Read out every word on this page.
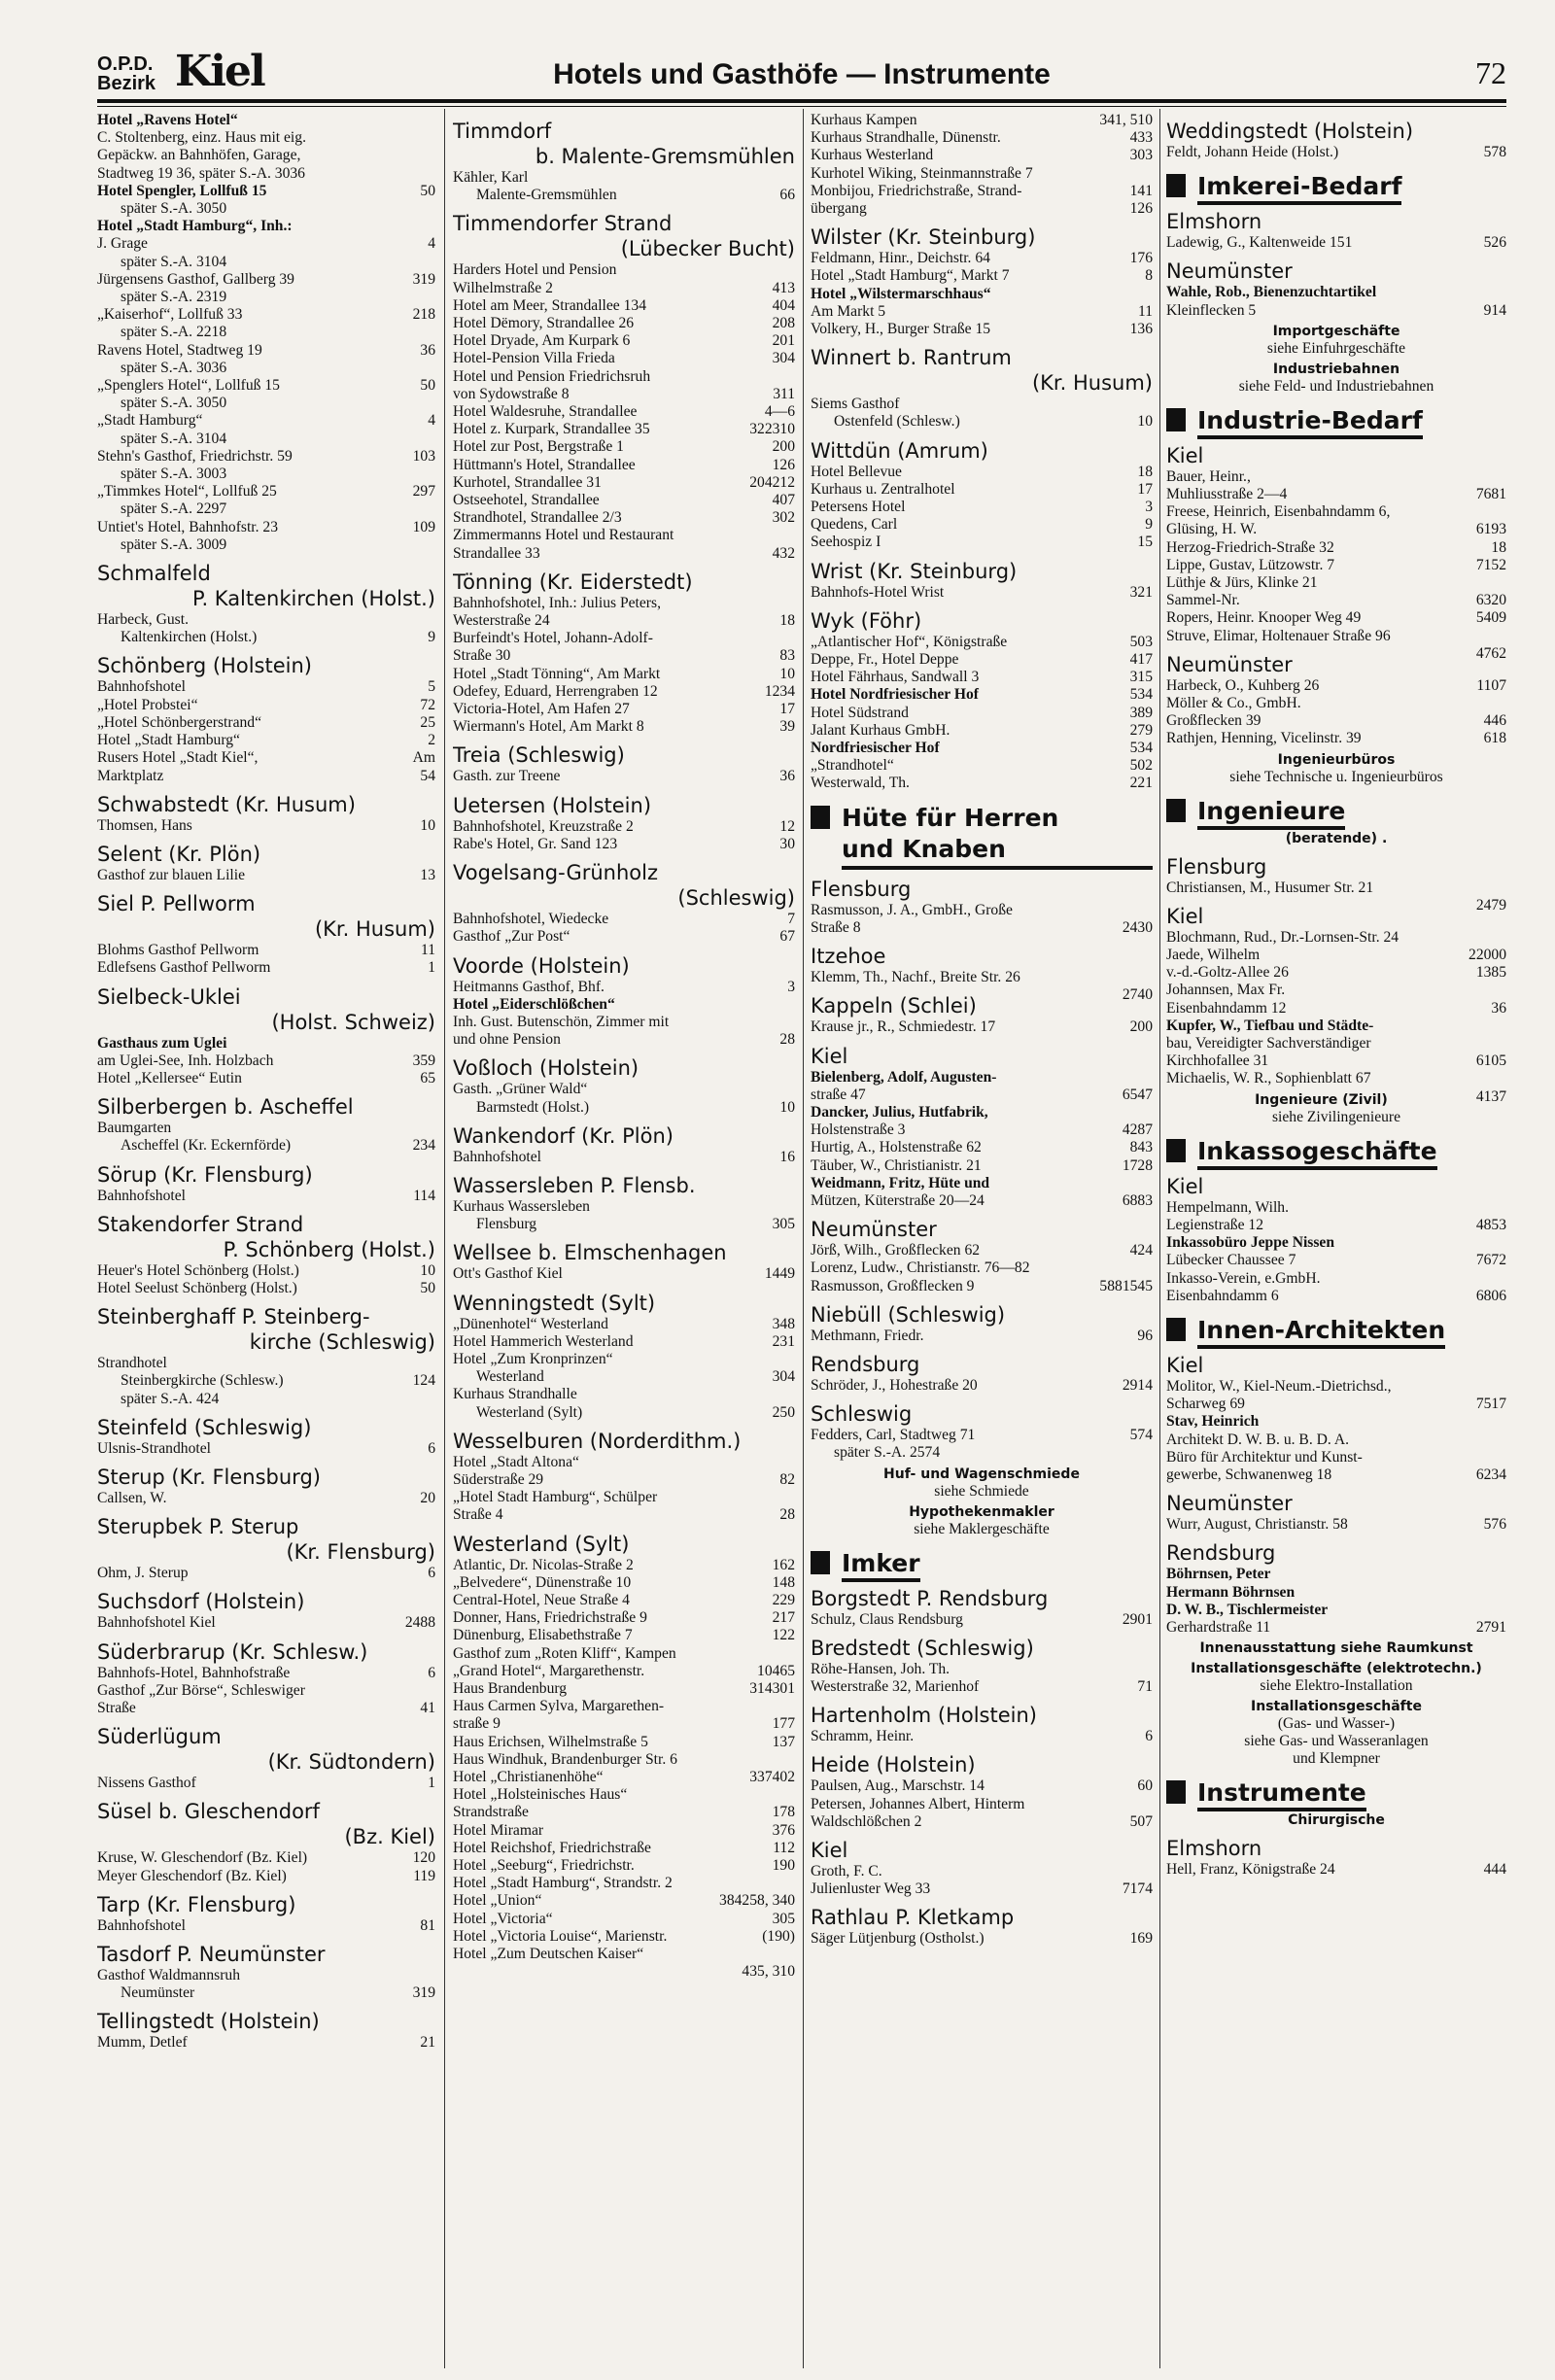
O.P.D.
Bezirk Kiel	Hotels und Gasthöfe — Instrumente	72
Hotel „Ravens Hotel“
C. Stoltenberg, einz. Haus mit eig.
Gepäckw. an Bahnhöfen, Garage,
Stadtweg 19 36, später S.-A. 3036
50
Hotel Spengler, Lollfuß 15
später S.-A. 3050
Hotel „Stadt Hamburg“, Inh.:
4
J. Grage
später S.-A. 3104
319
Jürgensens Gasthof, Gallberg 39
später S.-A. 2319
218
„Kaiserhof“, Lollfuß 33
später S.-A. 2218
36
Ravens Hotel, Stadtweg 19
später S.-A. 3036
50
„Spenglers Hotel“, Lollfuß 15
später S.-A. 3050
4
„Stadt Hamburg“
später S.-A. 3104
103
Stehn's Gasthof, Friedrichstr. 59
später S.-A. 3003
297
„Timmkes Hotel“, Lollfuß 25
später S.-A. 2297
109
Untiet's Hotel, Bahnhofstr. 23
später S.-A. 3009
Schmalfeld
P. Kaltenkirchen (Holst.)
Harbeck, Gust.
9
Kaltenkirchen (Holst.)
Schönberg (Holstein)
5
Bahnhofshotel
72
„Hotel Probstei“
25
„Hotel Schönbergerstrand“
2
Hotel „Stadt Hamburg“
Am
Rusers Hotel „Stadt Kiel“,
54
Marktplatz
Schwabstedt (Kr. Husum)
10
Thomsen, Hans
Selent (Kr. Plön)
13
Gasthof zur blauen Lilie
Siel P. Pellworm
(Kr. Husum)
11
Blohms Gasthof Pellworm
1
Edlefsens Gasthof Pellworm
Sielbeck-Uklei
(Holst. Schweiz)
Gasthaus zum Uglei
359
am Uglei-See, Inh. Holzbach
65
Hotel „Kellersee“ Eutin
Silberbergen b. Ascheffel
Baumgarten
234
Ascheffel (Kr. Eckernförde)
Sörup (Kr. Flensburg)
114
Bahnhofshotel
Stakendorfer Strand
P. Schönberg (Holst.)
10
Heuer's Hotel Schönberg (Holst.)
50
Hotel Seelust Schönberg (Holst.)
Steinberghaff P. Steinberg-
kirche (Schleswig)
Strandhotel
124
Steinbergkirche (Schlesw.)
später S.-A. 424
Steinfeld (Schleswig)
6
Ulsnis-Strandhotel
Sterup (Kr. Flensburg)
20
Callsen, W.
Sterupbek P. Sterup
(Kr. Flensburg)
6
Ohm, J. Sterup
Suchsdorf (Holstein)
2488
Bahnhofshotel Kiel
Süderbrarup (Kr. Schlesw.)
6
Bahnhofs-Hotel, Bahnhofstraße
Gasthof „Zur Börse“, Schleswiger
41
Straße
Süderlügum
(Kr. Südtondern)
1
Nissens Gasthof
Süsel b. Gleschendorf
(Bz. Kiel)
120
Kruse, W. Gleschendorf (Bz. Kiel)
119
Meyer Gleschendorf (Bz. Kiel)
Tarp (Kr. Flensburg)
81
Bahnhofshotel
Tasdorf P. Neumünster
Gasthof Waldmannsruh
319
Neumünster
Tellingstedt (Holstein)
21
Mumm, Detlef
Timmdorf
b. Malente-Gremsmühlen
Kähler, Karl
66
Malente-Gremsmühlen
Timmendorfer Strand
(Lübecker Bucht)
Harders Hotel und Pension
413
Wilhelmstraße 2
404
Hotel am Meer, Strandallee 134
208
Hotel Dëmory, Strandallee 26
201
Hotel Dryade, Am Kurpark 6
304
Hotel-Pension Villa Frieda
Hotel und Pension Friedrichsruh
311
von Sydowstraße 8
4—6
Hotel Waldesruhe, Strandallee
310
322
Hotel z. Kurpark, Strandallee 35
200
Hotel zur Post, Bergstraße 1
126
Hüttmann's Hotel, Strandallee
212
204
Kurhotel, Strandallee 31
407
Ostseehotel, Strandallee
302
Strandhotel, Strandallee 2/3
Zimmermanns Hotel und Restaurant
432
Strandallee 33
Tönning (Kr. Eiderstedt)
Bahnhofshotel, Inh.: Julius Peters,
18
Westerstraße 24
Burfeindt's Hotel, Johann-Adolf-
83
Straße 30
10
Hotel „Stadt Tönning“, Am Markt
34
12
Odefey, Eduard, Herrengraben 12
17
Victoria-Hotel, Am Hafen 27
39
Wiermann's Hotel, Am Markt 8
Treia (Schleswig)
36
Gasth. zur Treene
Uetersen (Holstein)
12
Bahnhofshotel, Kreuzstraße 2
30
Rabe's Hotel, Gr. Sand 123
Vogelsang-Grünholz
(Schleswig)
7
Bahnhofshotel, Wiedecke
67
Gasthof „Zur Post“
Voorde (Holstein)
3
Heitmanns Gasthof, Bhf.
Hotel „Eiderschlößchen“
Inh. Gust. Butenschön, Zimmer mit
28
und ohne Pension
Voßloch (Holstein)
Gasth. „Grüner Wald“
10
Barmstedt (Holst.)
Wankendorf (Kr. Plön)
16
Bahnhofshotel
Wassersleben P. Flensb.
Kurhaus Wassersleben
305
Flensburg
Wellsee b. Elmschenhagen
1449
Ott's Gasthof Kiel
Wenningstedt (Sylt)
348
„Dünenhotel“ Westerland
231
Hotel Hammerich Westerland
Hotel „Zum Kronprinzen“
304
Westerland
Kurhaus Strandhalle
250
Westerland (Sylt)
Wesselburen (Norderdithm.)
Hotel „Stadt Altona“
82
Süderstraße 29
„Hotel Stadt Hamburg“, Schülper
28
Straße 4
Westerland (Sylt)
162
Atlantic, Dr. Nicolas-Straße 2
148
„Belvedere“, Dünenstraße 10
229
Central-Hotel, Neue Straße 4
217
Donner, Hans, Friedrichstraße 9
122
Dünenburg, Elisabethstraße 7
Gasthof zum „Roten Kliff“, Kampen
465
10
„Grand Hotel“, Margarethenstr.
301
314
Haus Brandenburg
Haus Carmen Sylva, Margarethen-
177
straße 9
137
Haus Erichsen, Wilhelmstraße 5
Haus Windhuk, Brandenburger Str. 6
402
337
Hotel „Christianenhöhe“
Hotel „Holsteinisches Haus“
178
Strandstraße
376
Hotel Miramar
112
Hotel Reichshof, Friedrichstraße
190
Hotel „Seeburg“, Friedrichstr.
Hotel „Stadt Hamburg“, Strandstr. 2
258, 340
384
Hotel „Union“
305
Hotel „Victoria“
(190)
Hotel „Victoria Louise“, Marienstr.
Hotel „Zum Deutschen Kaiser“
435, 310
341, 510
Kurhaus Kampen
433
Kurhaus Strandhalle, Dünenstr.
303
Kurhaus Westerland
Kurhotel Wiking, Steinmannstraße 7
141
Monbijou, Friedrichstraße, Strand-
126
übergang
Wilster (Kr. Steinburg)
176
Feldmann, Hinr., Deichstr. 64
8
Hotel „Stadt Hamburg“, Markt 7
Hotel „Wilstermarschhaus“
11
Am Markt 5
136
Volkery, H., Burger Straße 15
Winnert b. Rantrum
(Kr. Husum)
Siems Gasthof
10
Ostenfeld (Schlesw.)
Wittdün (Amrum)
18
Hotel Bellevue
17
Kurhaus u. Zentralhotel
3
Petersens Hotel
9
Quedens, Carl
15
Seehospiz I
Wrist (Kr. Steinburg)
321
Bahnhofs-Hotel Wrist
Wyk (Föhr)
503
„Atlantischer Hof“, Königstraße
417
Deppe, Fr., Hotel Deppe
315
Hotel Fährhaus, Sandwall 3
534
Hotel Nordfriesischer Hof
389
Hotel Südstrand
279
Jalant Kurhaus GmbH.
534
Nordfriesischer Hof
502
„Strandhotel“
221
Westerwald, Th.
Hüte für Herren
und Knaben
Flensburg
Rasmusson, J. A., GmbH., Große
2430
Straße 8
Itzehoe
Klemm, Th., Nachf., Breite Str. 26
2740
Kappeln (Schlei)
200
Krause jr., R., Schmiedestr. 17
Kiel
Bielenberg, Adolf, Augusten-
6547
straße 47
Dancker, Julius, Hutfabrik,
4287
Holstenstraße 3
843
Hurtig, A., Holstenstraße 62
1728
Täuber, W., Christianistr. 21
Weidmann, Fritz, Hüte und
6883
Mützen, Küterstraße 20—24
Neumünster
424
Jörß, Wilh., Großflecken 62
Lorenz, Ludw., Christianstr. 76—82
1545
588
Rasmusson, Großflecken 9
Niebüll (Schleswig)
96
Methmann, Friedr.
Rendsburg
2914
Schröder, J., Hohestraße 20
Schleswig
574
Fedders, Carl, Stadtweg 71
später S.-A. 2574
Huf- und Wagenschmiede
siehe Schmiede
Hypothekenmakler
siehe Maklergeschäfte
Imker
Borgstedt P. Rendsburg
2901
Schulz, Claus Rendsburg
Bredstedt (Schleswig)
Röhe-Hansen, Joh. Th.
71
Westerstraße 32, Marienhof
Hartenholm (Holstein)
6
Schramm, Heinr.
Heide (Holstein)
60
Paulsen, Aug., Marschstr. 14
Petersen, Johannes Albert, Hinterm
507
Waldschlößchen 2
Kiel
Groth, F. C.
7174
Julienluster Weg 33
Rathlau P. Kletkamp
169
Säger Lütjenburg (Ostholst.)
Weddingstedt (Holstein)
578
Feldt, Johann Heide (Holst.)
Imkerei-Bedarf
Elmshorn
526
Ladewig, G., Kaltenweide 151
Neumünster
Wahle, Rob., Bienenzuchtartikel
914
Kleinflecken 5
Importgeschäfte
siehe Einfuhrgeschäfte
Industriebahnen
siehe Feld- und Industriebahnen
Industrie-Bedarf
Kiel
Bauer, Heinr.,
7681
Muhliusstraße 2—4
Freese, Heinrich, Eisenbahndamm 6,
6193
Glüsing, H. W.
18
Herzog-Friedrich-Straße 32
7152
Lippe, Gustav, Lützowstr. 7
Lüthje & Jürs, Klinke 21
6320
Sammel-Nr.
5409
Ropers, Heinr. Knooper Weg 49
Struve, Elimar, Holtenauer Straße 96
4762
Neumünster
1107
Harbeck, O., Kuhberg 26
Möller & Co., GmbH.
446
Großflecken 39
618
Rathjen, Henning, Vicelinstr. 39
Ingenieurbüros
siehe Technische u. Ingenieurbüros
Ingenieure
(beratende) .
Flensburg
Christiansen, M., Husumer Str. 21
2479
Kiel
Blochmann, Rud., Dr.-Lornsen-Str. 24
22000
Jaede, Wilhelm
1385
v.-d.-Goltz-Allee 26
Johannsen, Max Fr.
36
Eisenbahndamm 12
Kupfer, W., Tiefbau und Städte-
bau, Vereidigter Sachverständiger
6105
Kirchhofallee 31
Michaelis, W. R., Sophienblatt 67
4137
Ingenieure (Zivil)
siehe Zivilingenieure
Inkassogeschäfte
Kiel
Hempelmann, Wilh.
4853
Legienstraße 12
Inkassobüro Jeppe Nissen
7672
Lübecker Chaussee 7
Inkasso-Verein, e.GmbH.
6806
Eisenbahndamm 6
Innen-Architekten
Kiel
Molitor, W., Kiel-Neum.-Dietrichsd.,
7517
Scharweg 69
Stav, Heinrich
Architekt D. W. B. u. B. D. A.
Büro für Architektur und Kunst-
6234
gewerbe, Schwanenweg 18
Neumünster
576
Wurr, August, Christianstr. 58
Rendsburg
Böhrnsen, Peter
Hermann Böhrnsen
D. W. B., Tischlermeister
2791
Gerhardstraße 11
Innenausstattung siehe Raumkunst
Installationsgeschäfte (elektrotechn.)
siehe Elektro-Installation
Installationsgeschäfte
(Gas- und Wasser-)
siehe Gas- und Wasseranlagen
und Klempner
Instrumente
Chirurgische
Elmshorn
444
Hell, Franz, Königstraße 24
